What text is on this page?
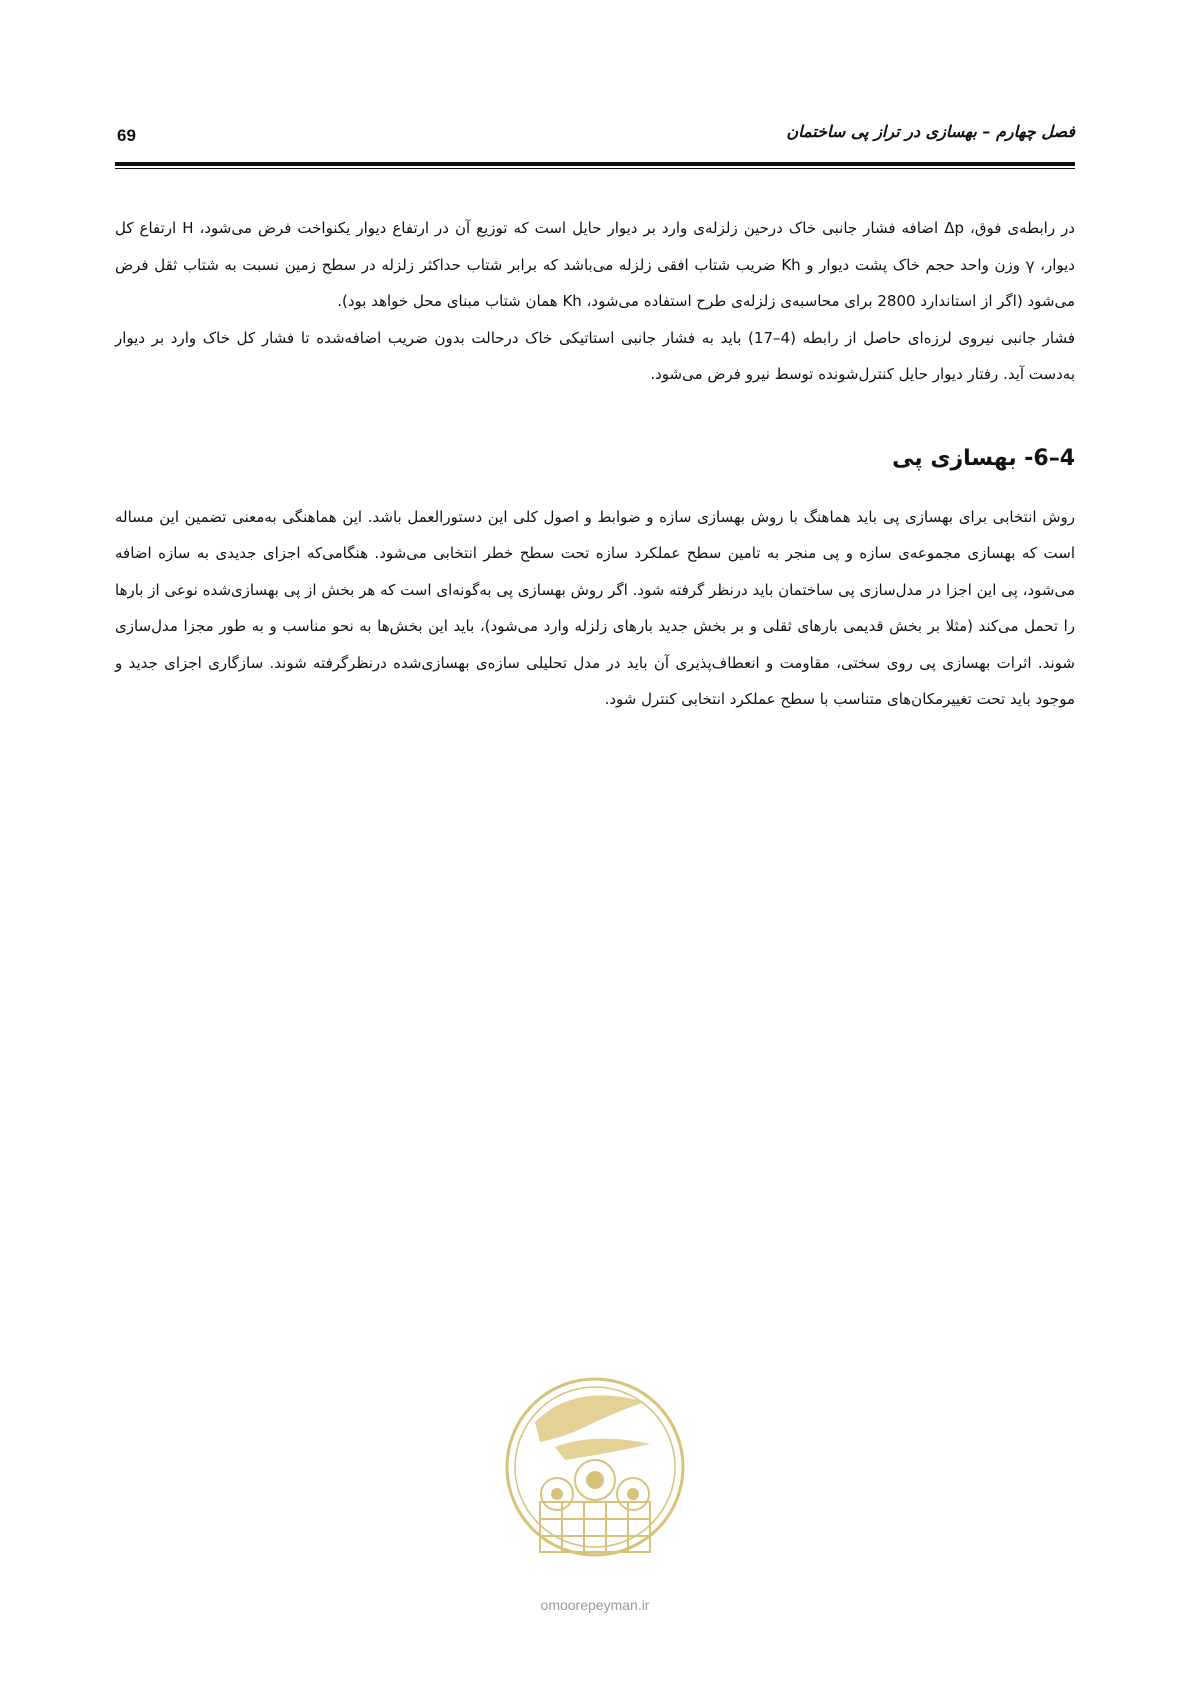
فصل چهارم – بهسازی در تراز پی ساختمان
69

در رابطه‌ی فوق، Δp اضافه فشار جانبی خاک درحین زلزله‌ی وارد بر دیوار حایل است که توزیع آن در ارتفاع دیوار یکنواخت فرض می‌شود، H ارتفاع کل دیوار، γ وزن واحد حجم خاک پشت دیوار و Kh ضریب شتاب افقی زلزله می‌باشد که برابر شتاب حداکثر زلزله در سطح زمین نسبت به شتاب ثقل فرض می‌شود (اگر از استاندارد 2800 برای محاسبه‌ی زلزله‌ی طرح استفاده می‌شود، Kh همان شتاب مبنای محل خواهد بود).

فشار جانبی نیروی لرزه‌ای حاصل از رابطه (4–17) باید به فشار جانبی استاتیکی خاک درحالت بدون ضریب اضافه‌شده تا فشار کل خاک وارد بر دیوار به‌دست آید. رفتار دیوار حایل کنترل‌شونده توسط نیرو فرض می‌شود.

4–6- بهسازی پی

روش انتخابی برای بهسازی پی باید هماهنگ با روش بهسازی سازه و ضوابط و اصول کلی این دستورالعمل باشد. این هماهنگی به‌معنی تضمین این مساله است که بهسازی مجموعه‌ی سازه و پی منجر به تامین سطح عملکرد سازه تحت سطح خطر انتخابی می‌شود. هنگامی‌که اجزای جدیدی به سازه اضافه می‌شود، پی این اجزا در مدل‌سازی پی ساختمان باید درنظر گرفته شود. اگر روش بهسازی پی به‌گونه‌ای است که هر بخش از پی بهسازی‌شده نوعی از بارها را تحمل می‌کند (مثلا بر بخش قدیمی بارهای ثقلی و بر بخش جدید بارهای زلزله وارد می‌شود)، باید این بخش‌ها به نحو مناسب و به طور مجزا مدل‌سازی شوند. اثرات بهسازی پی روی سختی، مقاومت و انعطاف‌پذیری آن باید در مدل تحلیلی سازه‌ی بهسازی‌شده درنظرگرفته شوند. سازگاری اجزای جدید و موجود باید تحت تغییرمکان‌های متناسب با سطح عملکرد انتخابی کنترل شود.

omoorepeyman.ir
